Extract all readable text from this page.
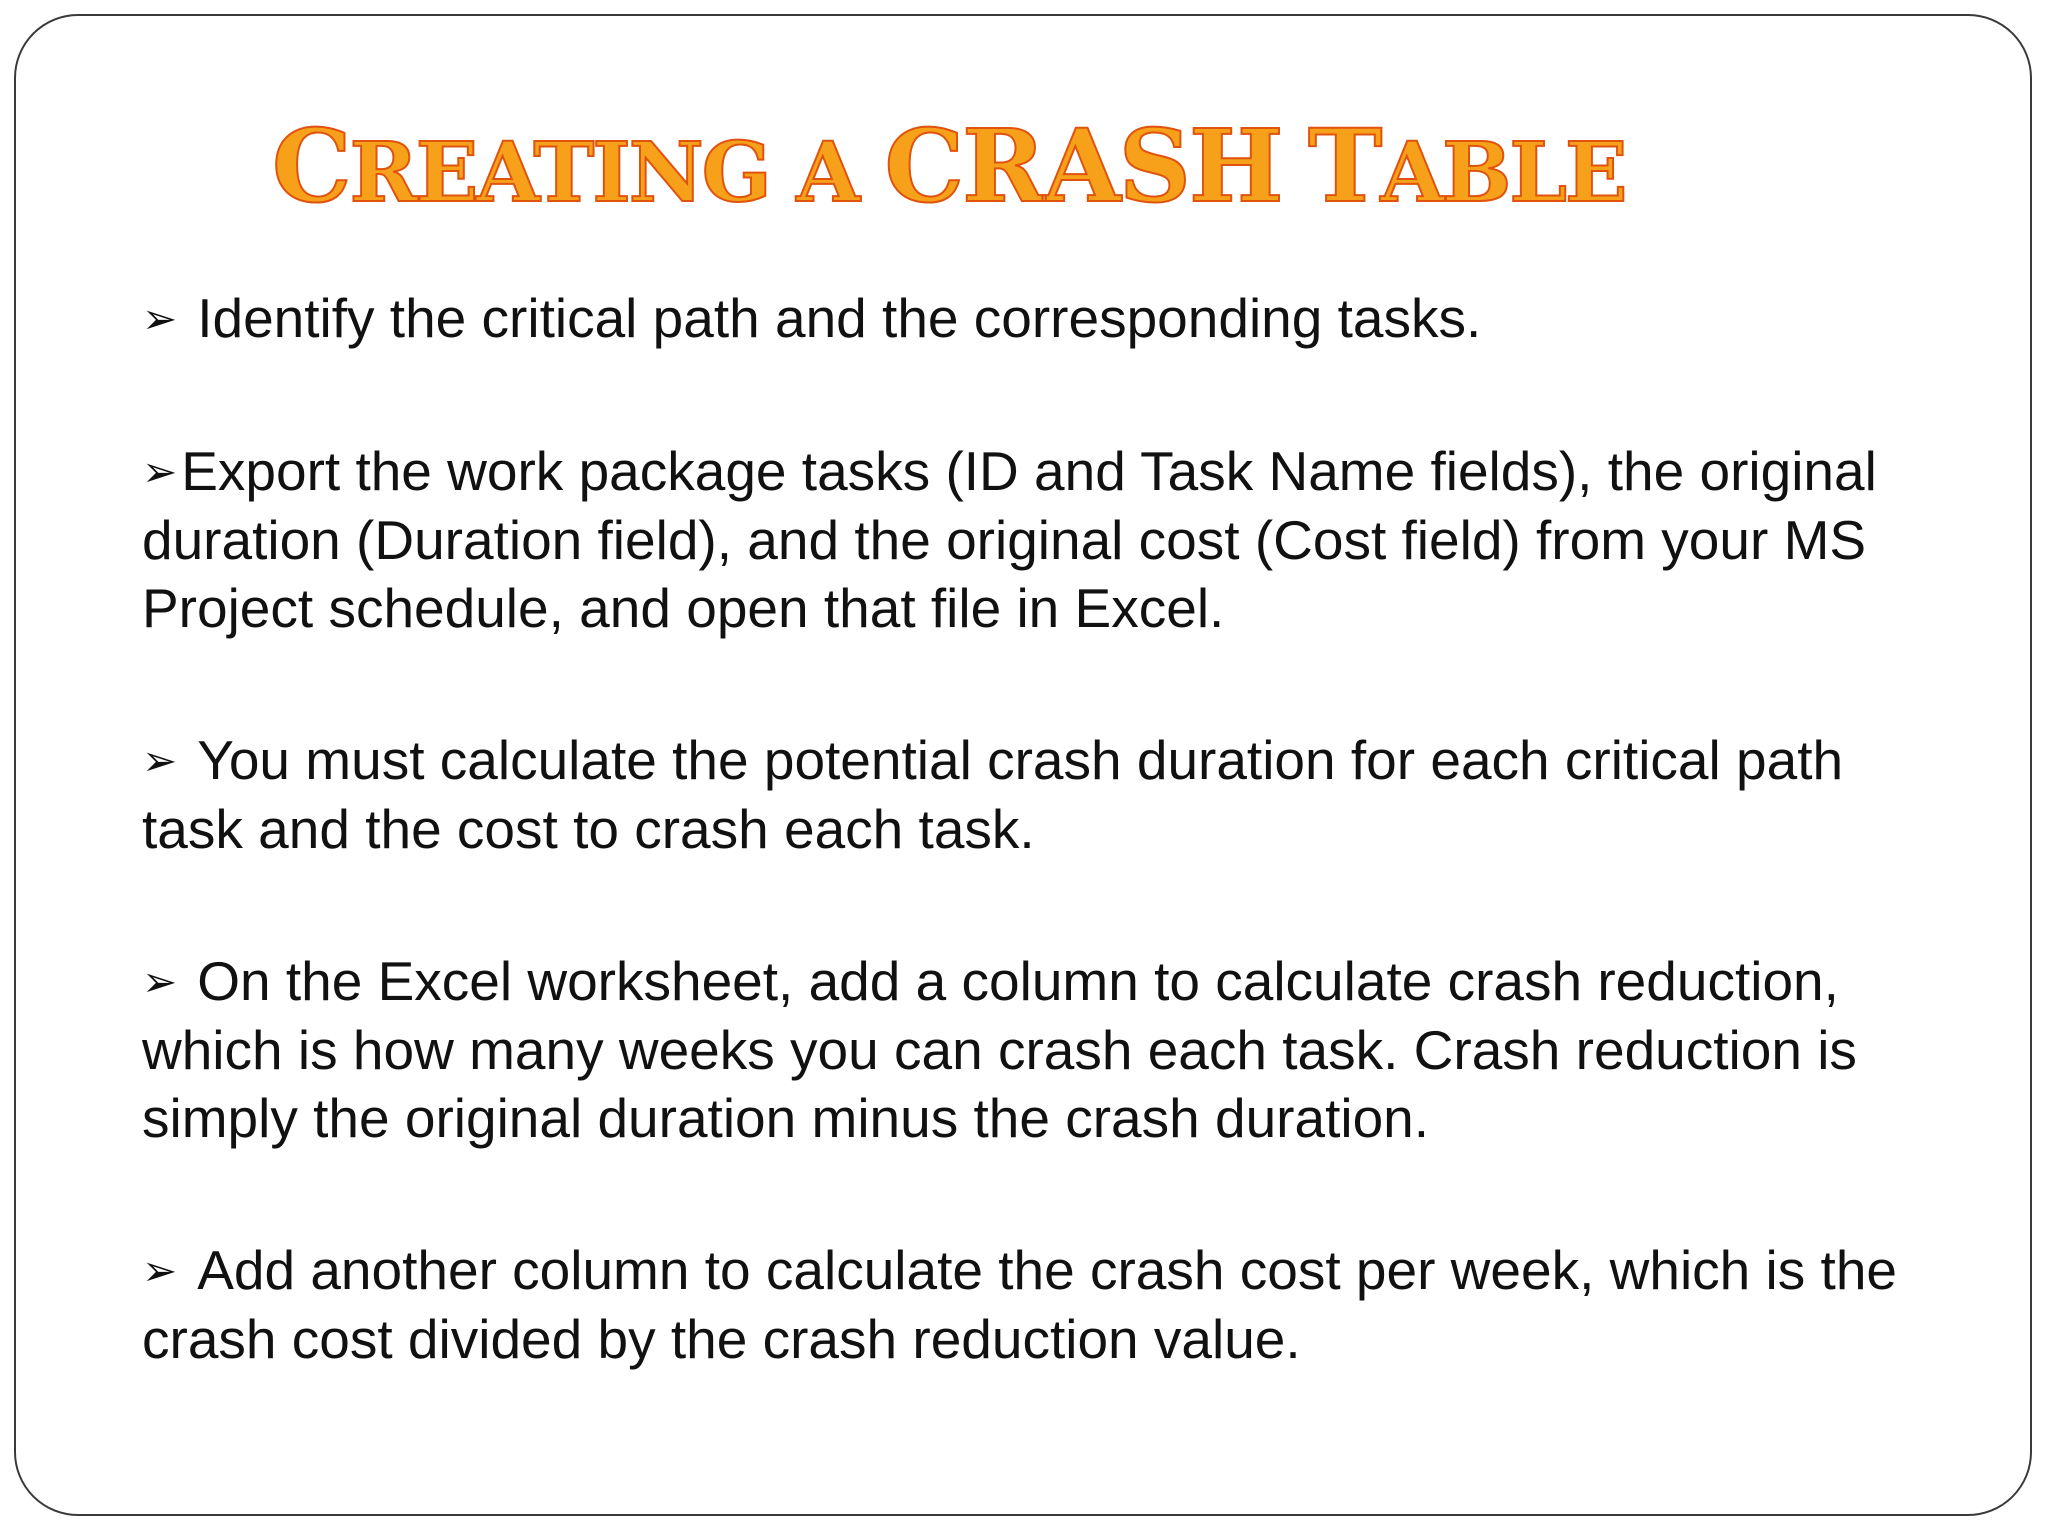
CREATING A CRASH TABLE
➢ Identify the critical path and the corresponding tasks.
➢Export the work package tasks (ID and Task Name fields), the original duration (Duration field), and the original cost (Cost field) from your MS Project schedule, and open that file in Excel.
➢ You must calculate the potential crash duration for each critical path task and the cost to crash each task.
➢ On the Excel worksheet, add a column to calculate crash reduction, which is how many weeks you can crash each task. Crash reduction is simply the original duration minus the crash duration.
➢ Add another column to calculate the crash cost per week, which is the crash cost divided by the crash reduction value.
